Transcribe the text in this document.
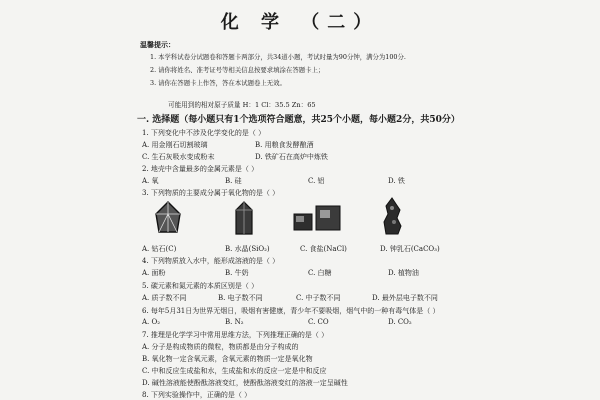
化 学 （二）
温馨提示：
1. 本学科试卷分试题卷和答题卡两部分，共34道小题，考试时量为90分钟，满分为100分.
2. 请你将姓名、准考证号等相关信息按要求填涂在答题卡上；
3. 请你在答题卡上作答，答在本试题卷上无效。
可能用到的相对原子质量 H：1 Cl：35.5 Zn：65
一. 选择题（每小题只有1个选项符合题意，共25个小题，每小题2分，共50分）
1. 下列变化中不涉及化学变化的是（ ）
A. 用金刚石切割玻璃	B. 用粮食发酵酿酒
C. 生石灰吸水变成粉末	D. 铁矿石在高炉中炼铁
2. 地壳中含量最多的金属元素是（ ）
A. 氧	B. 硅	C. 铝	D. 铁
3. 下列物质的主要成分属于氧化物的是（ ）
A. 钻石(C)	B. 水晶(SiO₂)	C. 食盐(NaCl)	D. 钟乳石(CaCO₃)
4. 下列物质放入水中，能形成溶液的是（ ）
A. 面粉	B. 牛奶	C. 白糖	D. 植物油
5. 碳元素和氮元素的本质区别是（ ）
A. 质子数不同	B. 电子数不同	C. 中子数不同	D. 最外层电子数不同
6. 每年5月31日为世界无烟日，吸烟有害健康，青少年不要吸烟，烟气中的一种有毒气体是（ ）
A. O₂	B. N₂	C. CO	D. CO₂
7. 推理是化学学习中常用思维方法，下列推理正确的是（ ）
A. 分子是构成物质的微粒，物质都是由分子构成的
B. 氧化物一定含氧元素，含氧元素的物质一定是氧化物
C. 中和反应生成盐和水，生成盐和水的反应一定是中和反应
D. 碱性溶液能使酚酞溶液变红，使酚酞溶液变红的溶液一定呈碱性
8. 下列实验操作中，正确的是（ ）
